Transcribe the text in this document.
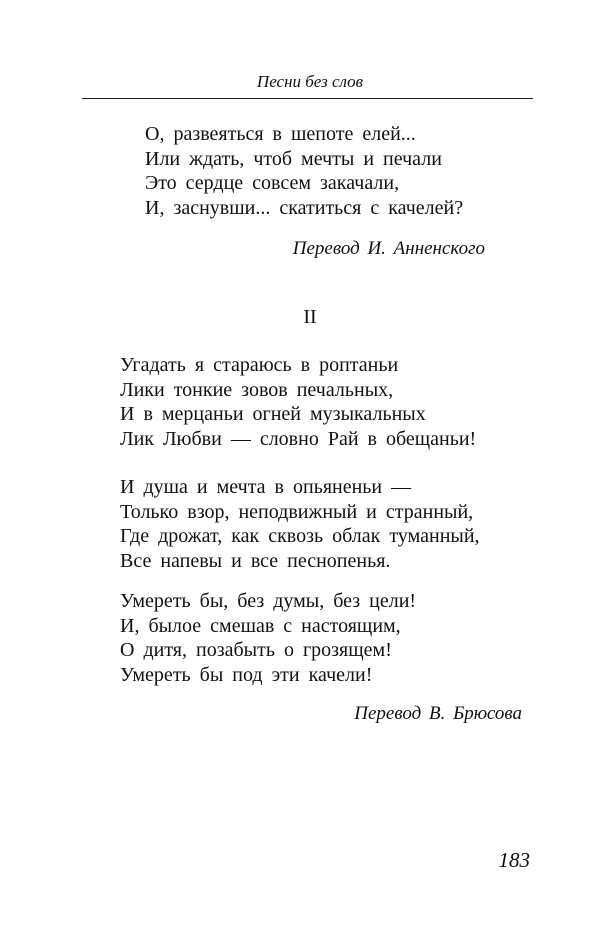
Песни без слов
О, развеяться в шепоте елей...
Или ждать, чтоб мечты и печали
Это сердце совсем закачали,
И, заснувши... скатиться с качелей?
Перевод И. Анненского
II
Угадать я стараюсь в роптаньи
Лики тонкие зовов печальных,
И в мерцаньи огней музыкальных
Лик Любви — словно Рай в обещаньи!
И душа и мечта в опьяненьи —
Только взор, неподвижный и странный,
Где дрожат, как сквозь облак туманный,
Все напевы и все песнопенья.
Умереть бы, без думы, без цели!
И, былое смешав с настоящим,
О дитя, позабыть о грозящем!
Умереть бы под эти качели!
Перевод В. Брюсова
183
